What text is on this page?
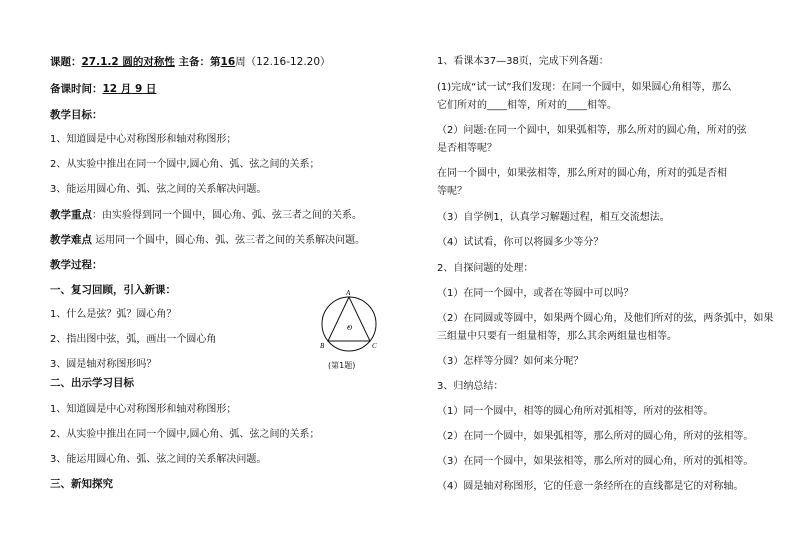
课题：27.1.2 圆的对称性 主备：第16周（12.16-12.20）
备课时间：12 月 9 日
教学目标：
1、知道圆是中心对称图形和轴对称图形；
2、从实验中推出在同一个圆中,圆心角、弧、弦之间的关系；
3、能运用圆心角、弧、弦之间的关系解决问题。
教学重点：由实验得到同一个圆中，圆心角、弧、弦三者之间的关系。
教学难点 运用同一个圆中，圆心角、弧、弦三者之间的关系解决问题。
教学过程：
一、复习回顾，引入新课：
1、什么是弦？弧？圆心角？
2、指出图中弦，弧，画出一个圆心角
3、圆是轴对称图形吗？
二、出示学习目标
1、知道圆是中心对称图形和轴对称图形；
2、从实验中推出在同一个圆中,圆心角、弧、弦之间的关系；
3、能运用圆心角、弧、弦之间的关系解决问题。
三、新知探究
A
B	C
O
(第1题)
1、看课本37—38页，完成下列各题：
(1)完成“试一试”我们发现：在同一个圆中，如果圆心角相等，那么
它们所对的____相等，所对的____相等。
（2）问题:在同一个圆中，如果弧相等，那么所对的圆心角，所对的弦
是否相等呢？
在同一个圆中，如果弦相等，那么所对的圆心角，所对的弧是否相
等呢？
（3）自学例1，认真学习解题过程，相互交流想法。
（4）试试看，你可以将圆多少等分？
2、自探问题的处理：
（1）在同一个圆中，或者在等圆中可以吗？
（2）在同圆或等圆中，如果两个圆心角，及他们所对的弦，两条弧中，如果
三组量中只要有一组量相等，那么其余两组量也相等。
（3）怎样等分圆？如何来分呢？
3、归纳总结：
（1）同一个圆中，相等的圆心角所对弧相等，所对的弦相等。
（2）在同一个圆中，如果弧相等，那么所对的圆心角，所对的弦相等。
（3）在同一个圆中，如果弦相等，那么所对的圆心角，所对的弧相等。
（4）圆是轴对称图形，它的任意一条经所在的直线都是它的对称轴。
